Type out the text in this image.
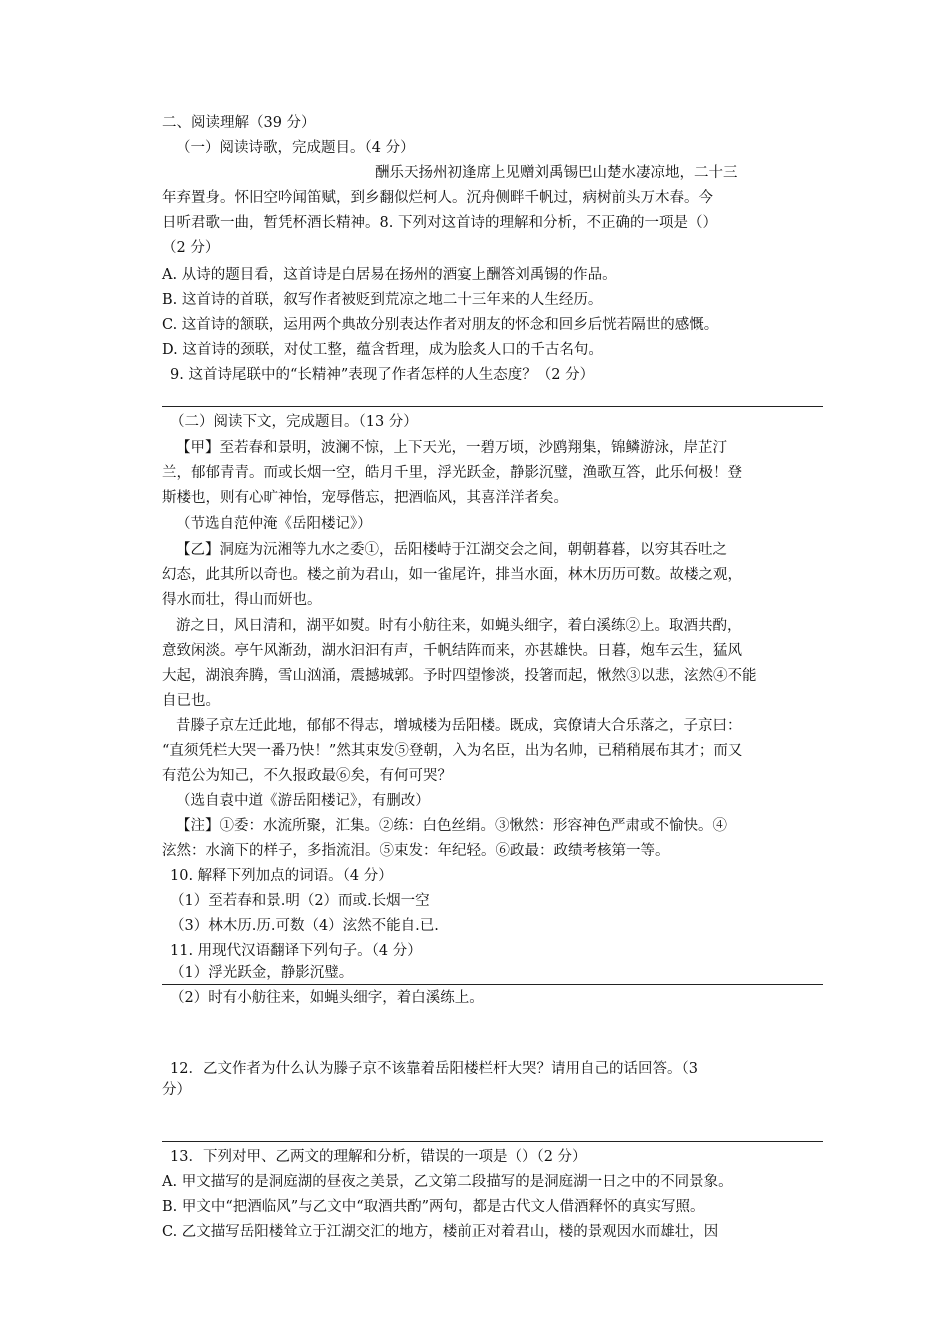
二、阅读理解（39 分）
（一）阅读诗歌，完成题目。（4 分）
酬乐天扬州初逢席上见赠刘禹锡巴山楚水凄凉地，二十三
年弃置身。怀旧空吟闻笛赋，到乡翻似烂柯人。沉舟侧畔千帆过，病树前头万木春。今
日听君歌一曲，暂凭杯酒长精神。8. 下列对这首诗的理解和分析，不正确的一项是（）
（2 分）
A. 从诗的题目看，这首诗是白居易在扬州的酒宴上酬答刘禹锡的作品。
B. 这首诗的首联，叙写作者被贬到荒凉之地二十三年来的人生经历。
C. 这首诗的颔联，运用两个典故分别表达作者对朋友的怀念和回乡后恍若隔世的感慨。
D. 这首诗的颈联，对仗工整，蕴含哲理，成为脍炙人口的千古名句。
9. 这首诗尾联中的“长精神”表现了作者怎样的人生态度？（2 分）
（二）阅读下文，完成题目。（13 分）
【甲】至若春和景明，波澜不惊，上下天光，一碧万顷，沙鸥翔集，锦鳞游泳，岸芷汀
兰，郁郁青青。而或长烟一空，皓月千里，浮光跃金，静影沉璧，渔歌互答，此乐何极！登
斯楼也，则有心旷神怡，宠辱偕忘，把酒临风，其喜洋洋者矣。
（节选自范仲淹《岳阳楼记》）
【乙】洞庭为沅湘等九水之委①，岳阳楼峙于江湖交会之间，朝朝暮暮，以穷其吞吐之
幻态，此其所以奇也。楼之前为君山，如一雀尾许，排当水面，林木历历可数。故楼之观，
得水而壮，得山而妍也。
游之日，风日清和，湖平如熨。时有小舫往来，如蝇头细字，着白溪练②上。取酒共酌，
意致闲淡。亭午风渐劲，湖水汩汩有声，千帆结阵而来，亦甚雄快。日暮，炮车云生，猛风
大起，湖浪奔腾，雪山汹涌，震撼城郭。予时四望惨淡，投箸而起，愀然③以悲，泫然④不能
自已也。
昔滕子京左迁此地，郁郁不得志，增城楼为岳阳楼。既成，宾僚请大合乐落之，子京曰：
“直须凭栏大哭一番乃快！”然其束发⑤登朝，入为名臣，出为名帅，已稍稍展布其才；而又
有范公为知己，不久报政最⑥矣，有何可哭？
（选自袁中道《游岳阳楼记》，有删改）
【注】①委：水流所聚，汇集。②练：白色丝绢。③愀然：形容神色严肃或不愉快。④
泫然：水滴下的样子，多指流泪。⑤束发：年纪轻。⑥政最：政绩考核第一等。
10. 解释下列加点的词语。（4 分）
（1）至若春和景.明（2）而或.长烟一空
（3）林木历.历.可数（4）泫然不能自.已.
11. 用现代汉语翻译下列句子。（4 分）
（1）浮光跃金，静影沉璧。
（2）时有小舫往来，如蝇头细字，着白溪练上。
12．乙文作者为什么认为滕子京不该靠着岳阳楼栏杆大哭？请用自己的话回答。（3
分）
13．下列对甲、乙两文的理解和分析，错误的一项是（）（2 分）
A. 甲文描写的是洞庭湖的昼夜之美景，乙文第二段描写的是洞庭湖一日之中的不同景象。
B. 甲文中“把酒临风”与乙文中“取酒共酌”两句，都是古代文人借酒释怀的真实写照。
C. 乙文描写岳阳楼耸立于江湖交汇的地方，楼前正对着君山，楼的景观因水而雄壮，因
